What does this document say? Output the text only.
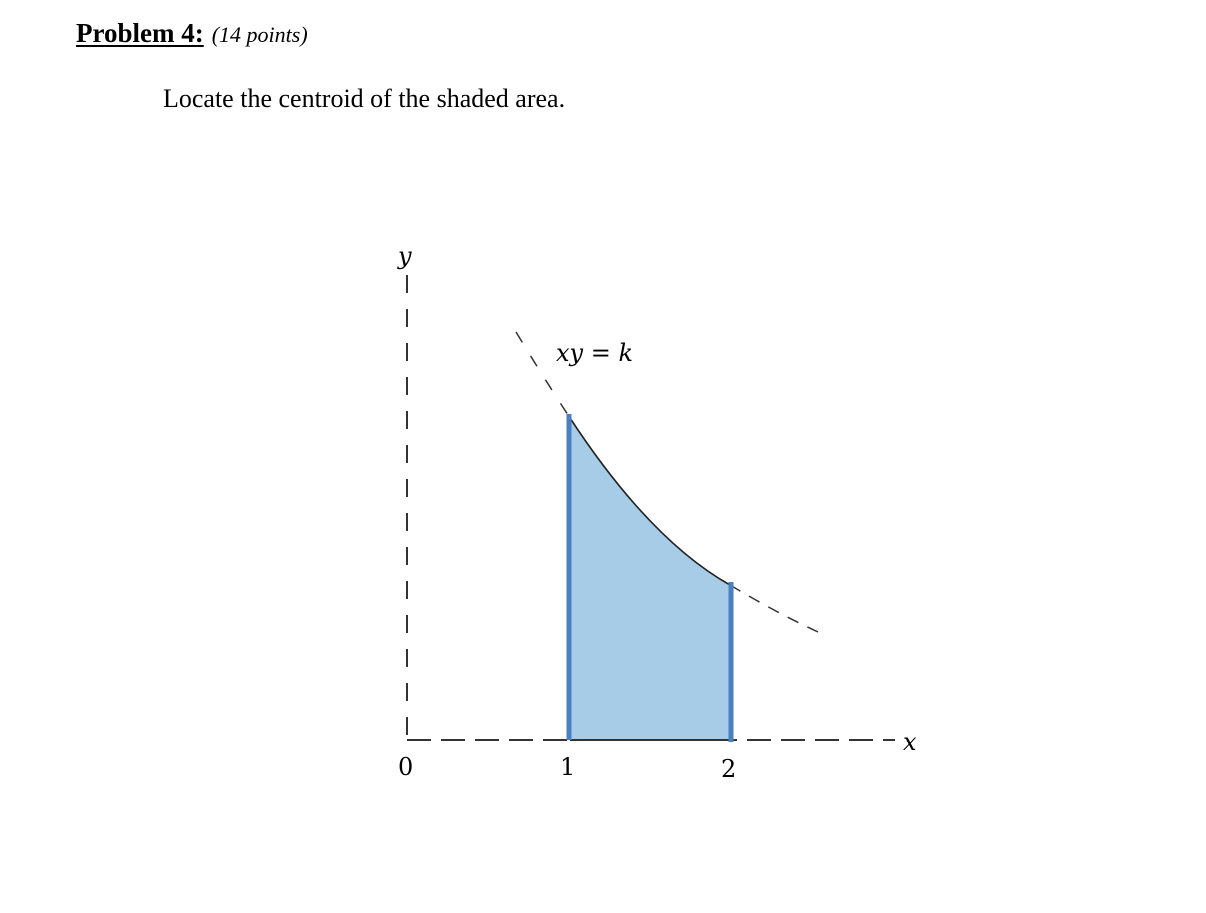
Problem 4: (14 points)
Locate the centroid of the shaded area.
y
x
xy = k
0	1	2
